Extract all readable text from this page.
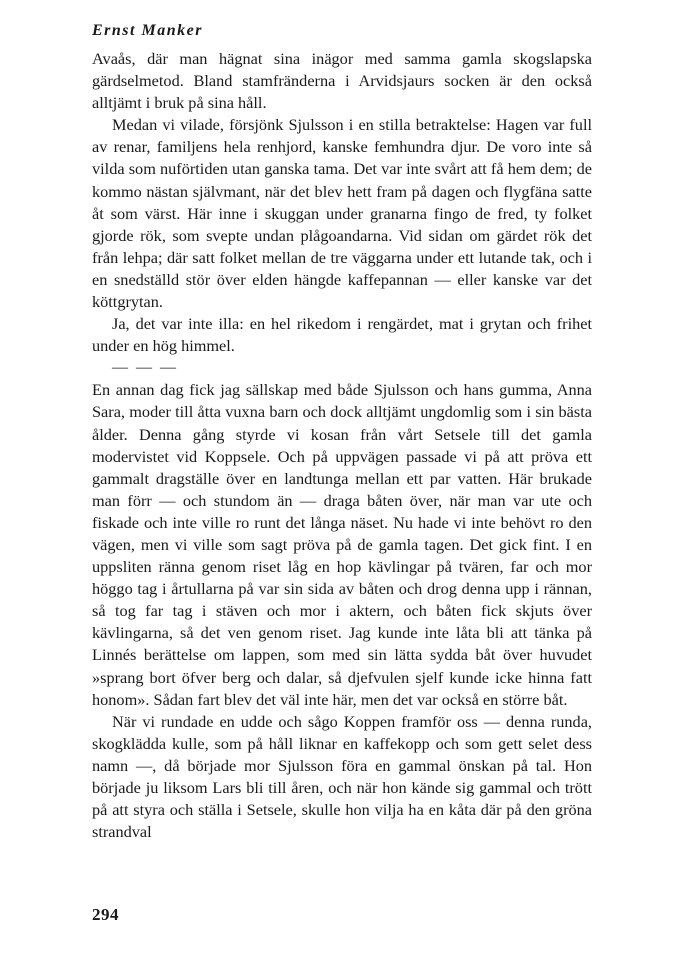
Ernst Manker

Avaås, där man hägnat sina inägor med samma gamla skogslapska gärdselmetod. Bland stamfränderna i Arvidsjaurs socken är den också alltjämt i bruk på sina håll.

Medan vi vilade, försjönk Sjulsson i en stilla betraktelse: Hagen var full av renar, familjens hela renhjord, kanske femhundra djur. De voro inte så vilda som nuförtiden utan ganska tama. Det var inte svårt att få hem dem; de kommo nästan självmant, när det blev hett fram på dagen och flygfäna satte åt som värst. Här inne i skuggan under granarna fingo de fred, ty folket gjorde rök, som svepte undan plågoandarna. Vid sidan om gärdet rök det från lehpa; där satt folket mellan de tre väggarna under ett lutande tak, och i en snedställd stör över elden hängde kaffepannan — eller kanske var det köttgrytan.

Ja, det var inte illa: en hel rikedom i rengärdet, mat i grytan och frihet under en hög himmel.

— — —

En annan dag fick jag sällskap med både Sjulsson och hans gumma, Anna Sara, moder till åtta vuxna barn och dock alltjämt ungdomlig som i sin bästa ålder. Denna gång styrde vi kosan från vårt Setsele till det gamla modervistet vid Koppsele. Och på uppvägen passade vi på att pröva ett gammalt dragställe över en landtunga mellan ett par vatten. Här brukade man förr — och stundom än — draga båten över, när man var ute och fiskade och inte ville ro runt det långa näset. Nu hade vi inte behövt ro den vägen, men vi ville som sagt pröva på de gamla tagen. Det gick fint. I en uppsliten ränna genom riset låg en hop kävlingar på tvären, far och mor höggo tag i årtullarna på var sin sida av båten och drog denna upp i rännan, så tog far tag i stäven och mor i aktern, och båten fick skjuts över kävlingarna, så det ven genom riset. Jag kunde inte låta bli att tänka på Linnés berättelse om lappen, som med sin lätta sydda båt över huvudet »sprang bort öfver berg och dalar, så djefvulen sjelf kunde icke hinna fatt honom». Sådan fart blev det väl inte här, men det var också en större båt.

När vi rundade en udde och sågo Koppen framför oss — denna runda, skogklädda kulle, som på håll liknar en kaffekopp och som gett selet dess namn —, då började mor Sjulsson föra en gammal önskan på tal. Hon började ju liksom Lars bli till åren, och när hon kände sig gammal och trött på att styra och ställa i Setsele, skulle hon vilja ha en kåta där på den gröna strandval

294
